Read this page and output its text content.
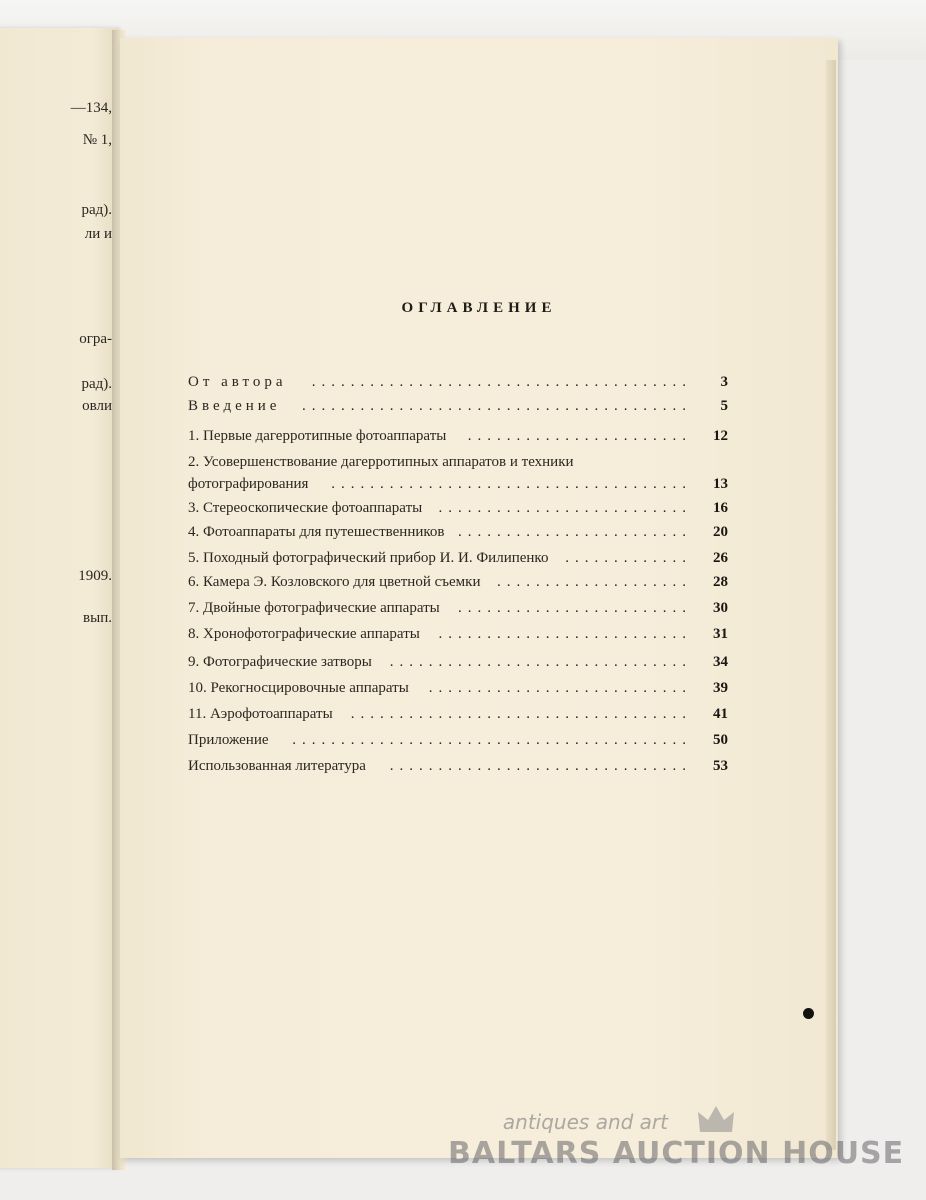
—134,
№ 1,
рад).
ли и
огра-
рад).
овли
1909.
вып.
ОГЛАВЛЕНИЕ
.......................................
От автора	3
........................................
Введение	5
.......................
1. Первые дагерротипные фотоаппараты	12
.....................................
2. Усовершенствование дагерротипных аппаратов и техники
фотографирования	13
..........................
3. Стереоскопические фотоаппараты	16
........................
4. Фотоаппараты для путешественников	20
.............
5. Походный фотографический прибор И. И. Филипенко	26
....................
6. Камера Э. Козловского для цветной съемки	28
........................
7. Двойные фотографические аппараты	30
..........................
8. Хронофотографические аппараты	31
...............................
9. Фотографические затворы	34
...........................
10. Рекогносцировочные аппараты	39
...................................
11. Аэрофотоаппараты	41
.........................................
Приложение	50
...............................
Использованная литература	53
antiques and art
BALTARS AUCTION HOUSE
